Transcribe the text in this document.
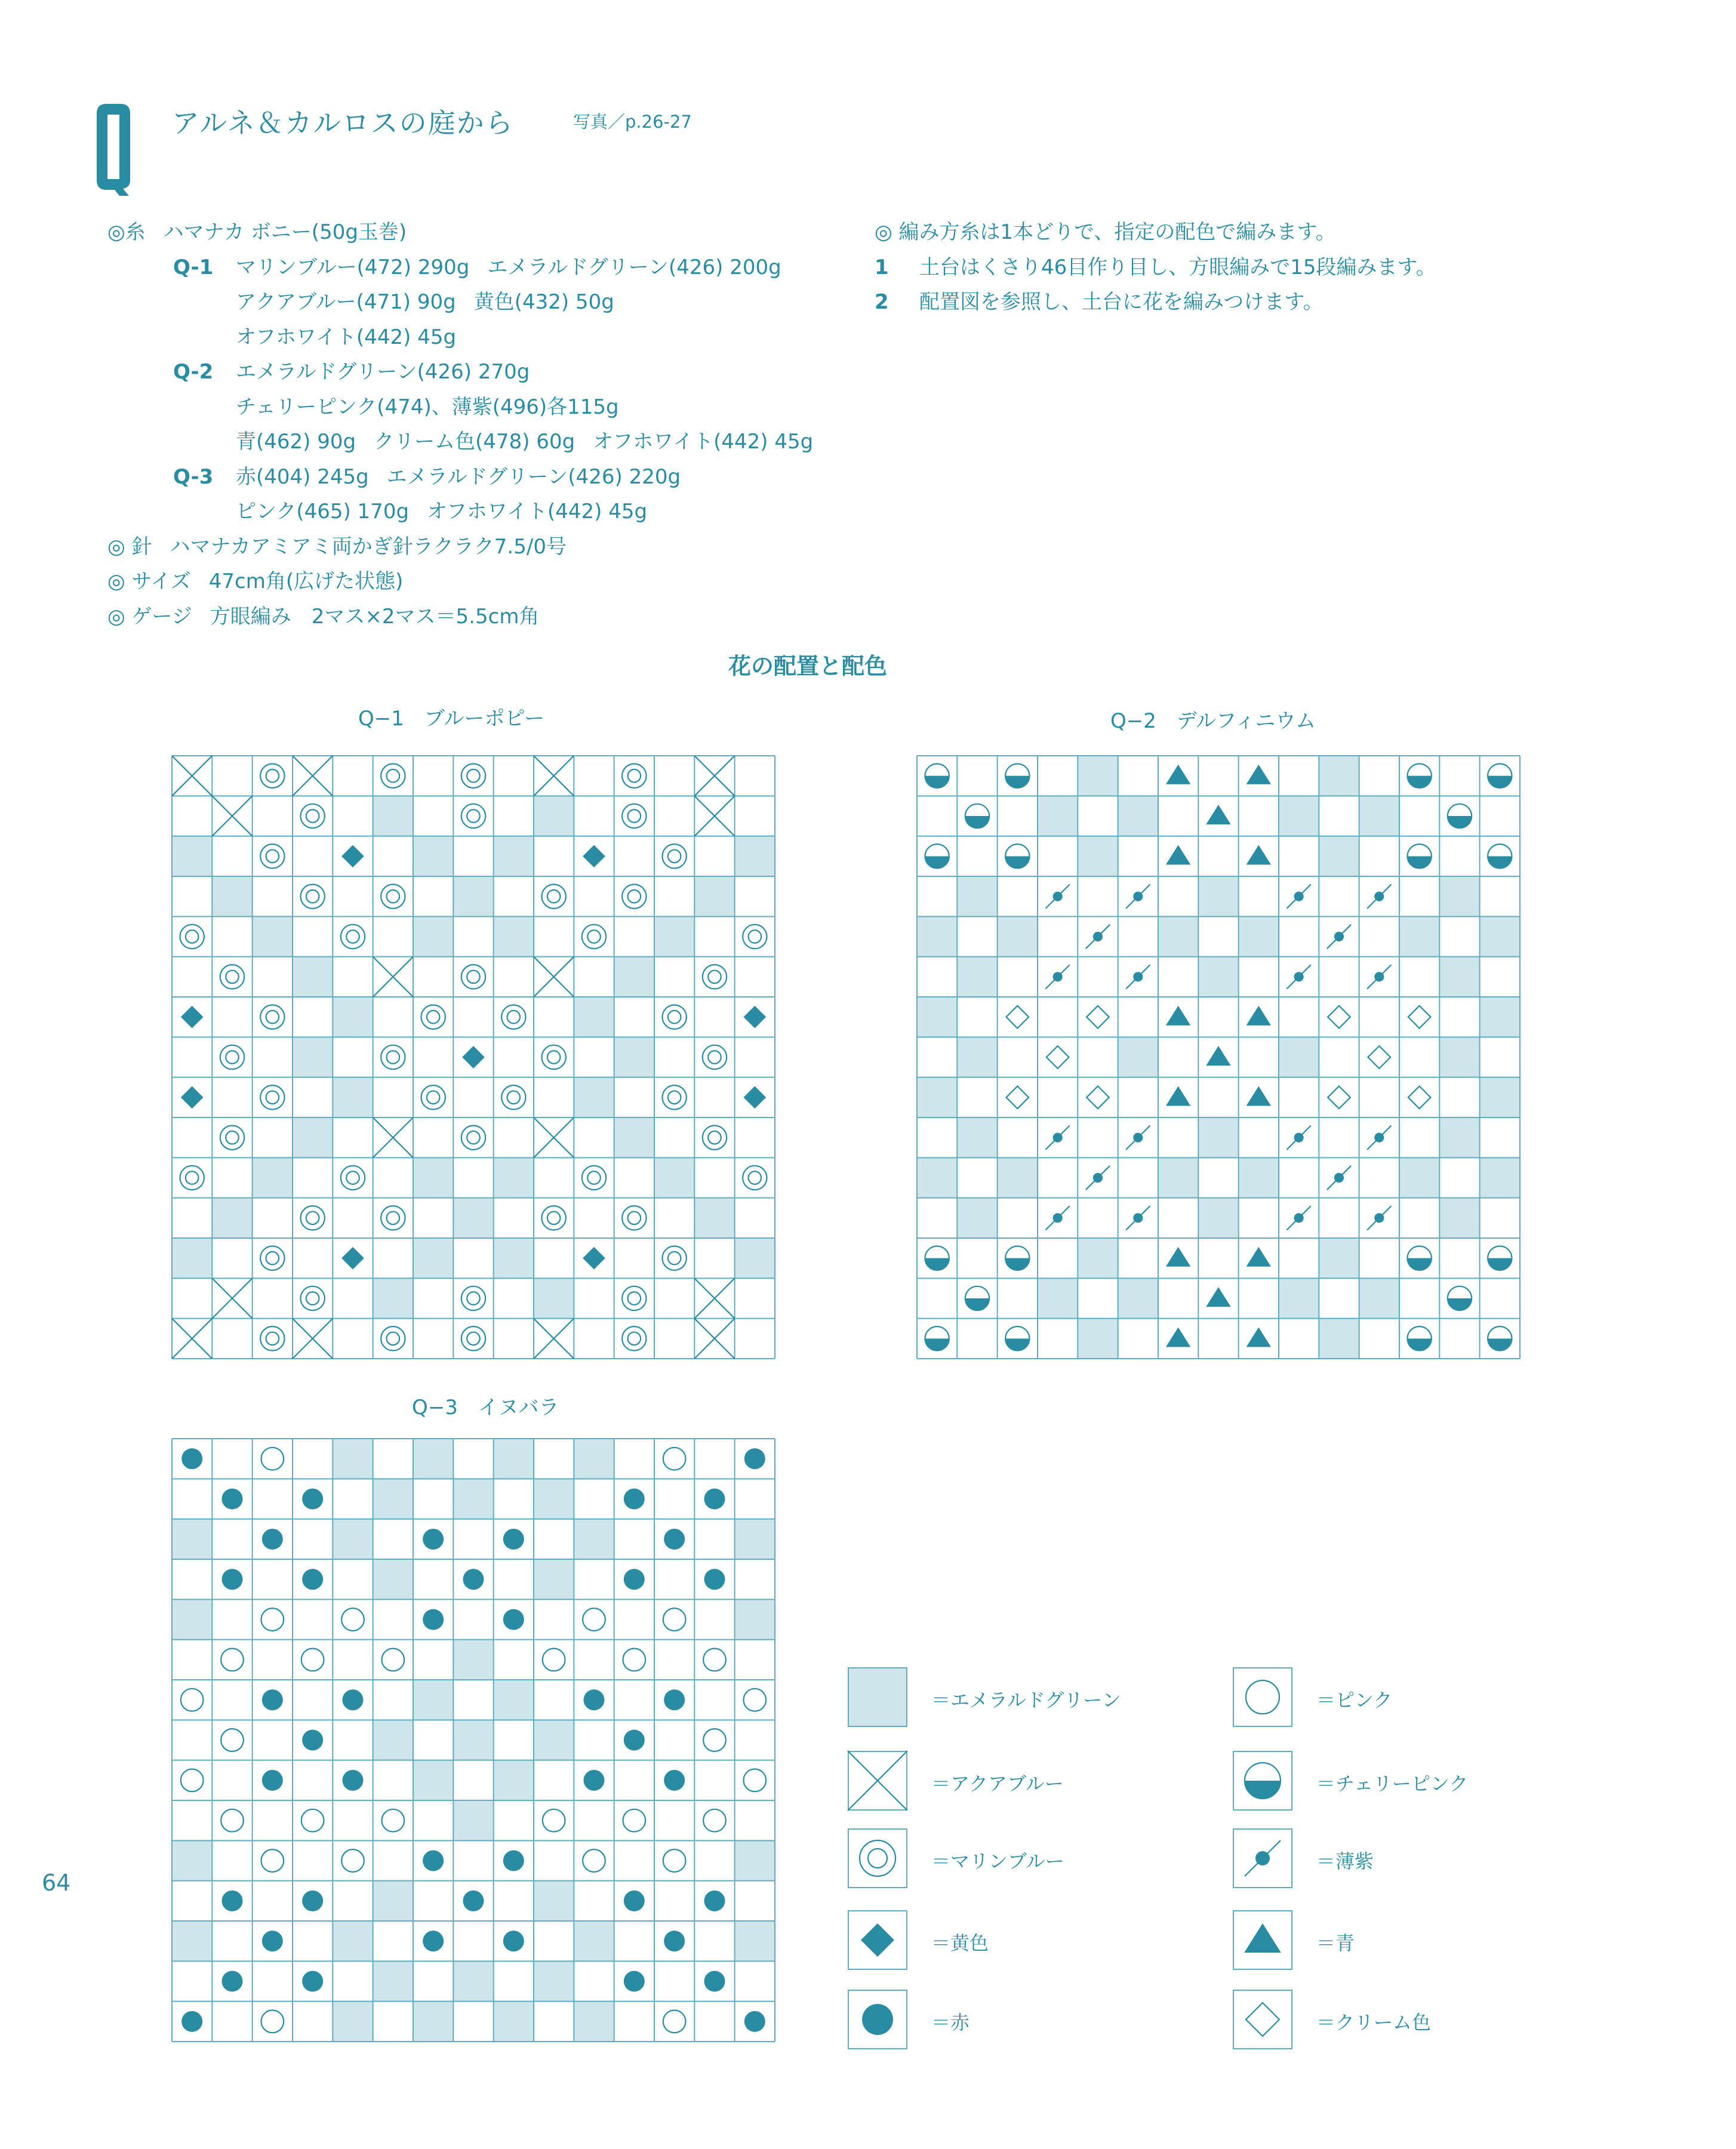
アルネ＆カルロスの庭から	写真／p.26-27
◎糸 ハマナカ ボニー(50g玉巻)
Q-1 マリンブルー(472) 290g エメラルドグリーン(426) 200g
アクアブルー(471) 90g 黄色(432) 50g
オフホワイト(442) 45g
Q-2 エメラルドグリーン(426) 270g
チェリーピンク(474)、薄紫(496)各115g
青(462) 90g クリーム色(478) 60g オフホワイト(442) 45g
Q-3 赤(404) 245g エメラルドグリーン(426) 220g
ピンク(465) 170g オフホワイト(442) 45g
◎ 針 ハマナカアミアミ両かぎ針ラクラク7.5/0号
◎ サイズ 47cm角(広げた状態)
◎ ゲージ 方眼編み　2マス×2マス＝5.5cm角
◎ 編み方糸は1本どりで、指定の配色で編みます。
1 土台はくさり46目作り目し、方眼編みで15段編みます。
2 配置図を参照し、土台に花を編みつけます。
花の配置と配色
Q−1　ブルーポピー	Q−2　デルフィニウム
Q−3　イヌバラ
＝エメラルドグリーン
＝アクアブルー
＝マリンブルー
＝黄色
＝赤
＝ピンク
＝チェリーピンク
＝薄紫
＝青
＝クリーム色
64
